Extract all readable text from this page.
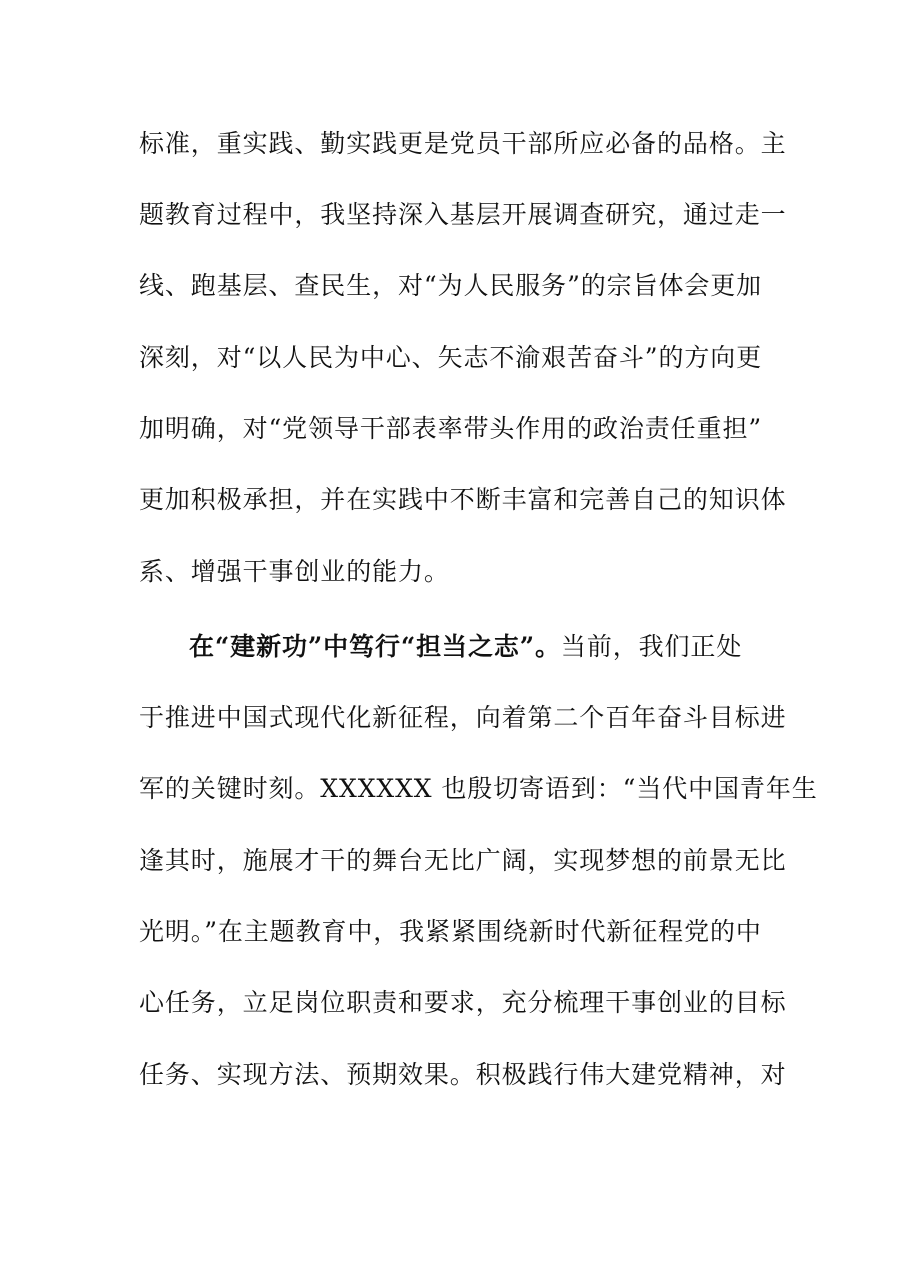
标准，重实践、勤实践更是党员干部所应必备的品格。主
题教育过程中，我坚持深入基层开展调查研究，通过走一
线、跑基层、查民生，对“为人民服务”的宗旨体会更加
深刻，对“以人民为中心、矢志不渝艰苦奋斗”的方向更
加明确，对“党领导干部表率带头作用的政治责任重担”
更加积极承担，并在实践中不断丰富和完善自己的知识体
系、增强干事创业的能力。
在“建新功”中笃行“担当之志”。当前，我们正处
于推进中国式现代化新征程，向着第二个百年奋斗目标进
军的关键时刻。XXXXXX 也殷切寄语到：“当代中国青年生
逢其时，施展才干的舞台无比广阔，实现梦想的前景无比
光明。”在主题教育中，我紧紧围绕新时代新征程党的中
心任务，立足岗位职责和要求，充分梳理干事创业的目标
任务、实现方法、预期效果。积极践行伟大建党精神，对
